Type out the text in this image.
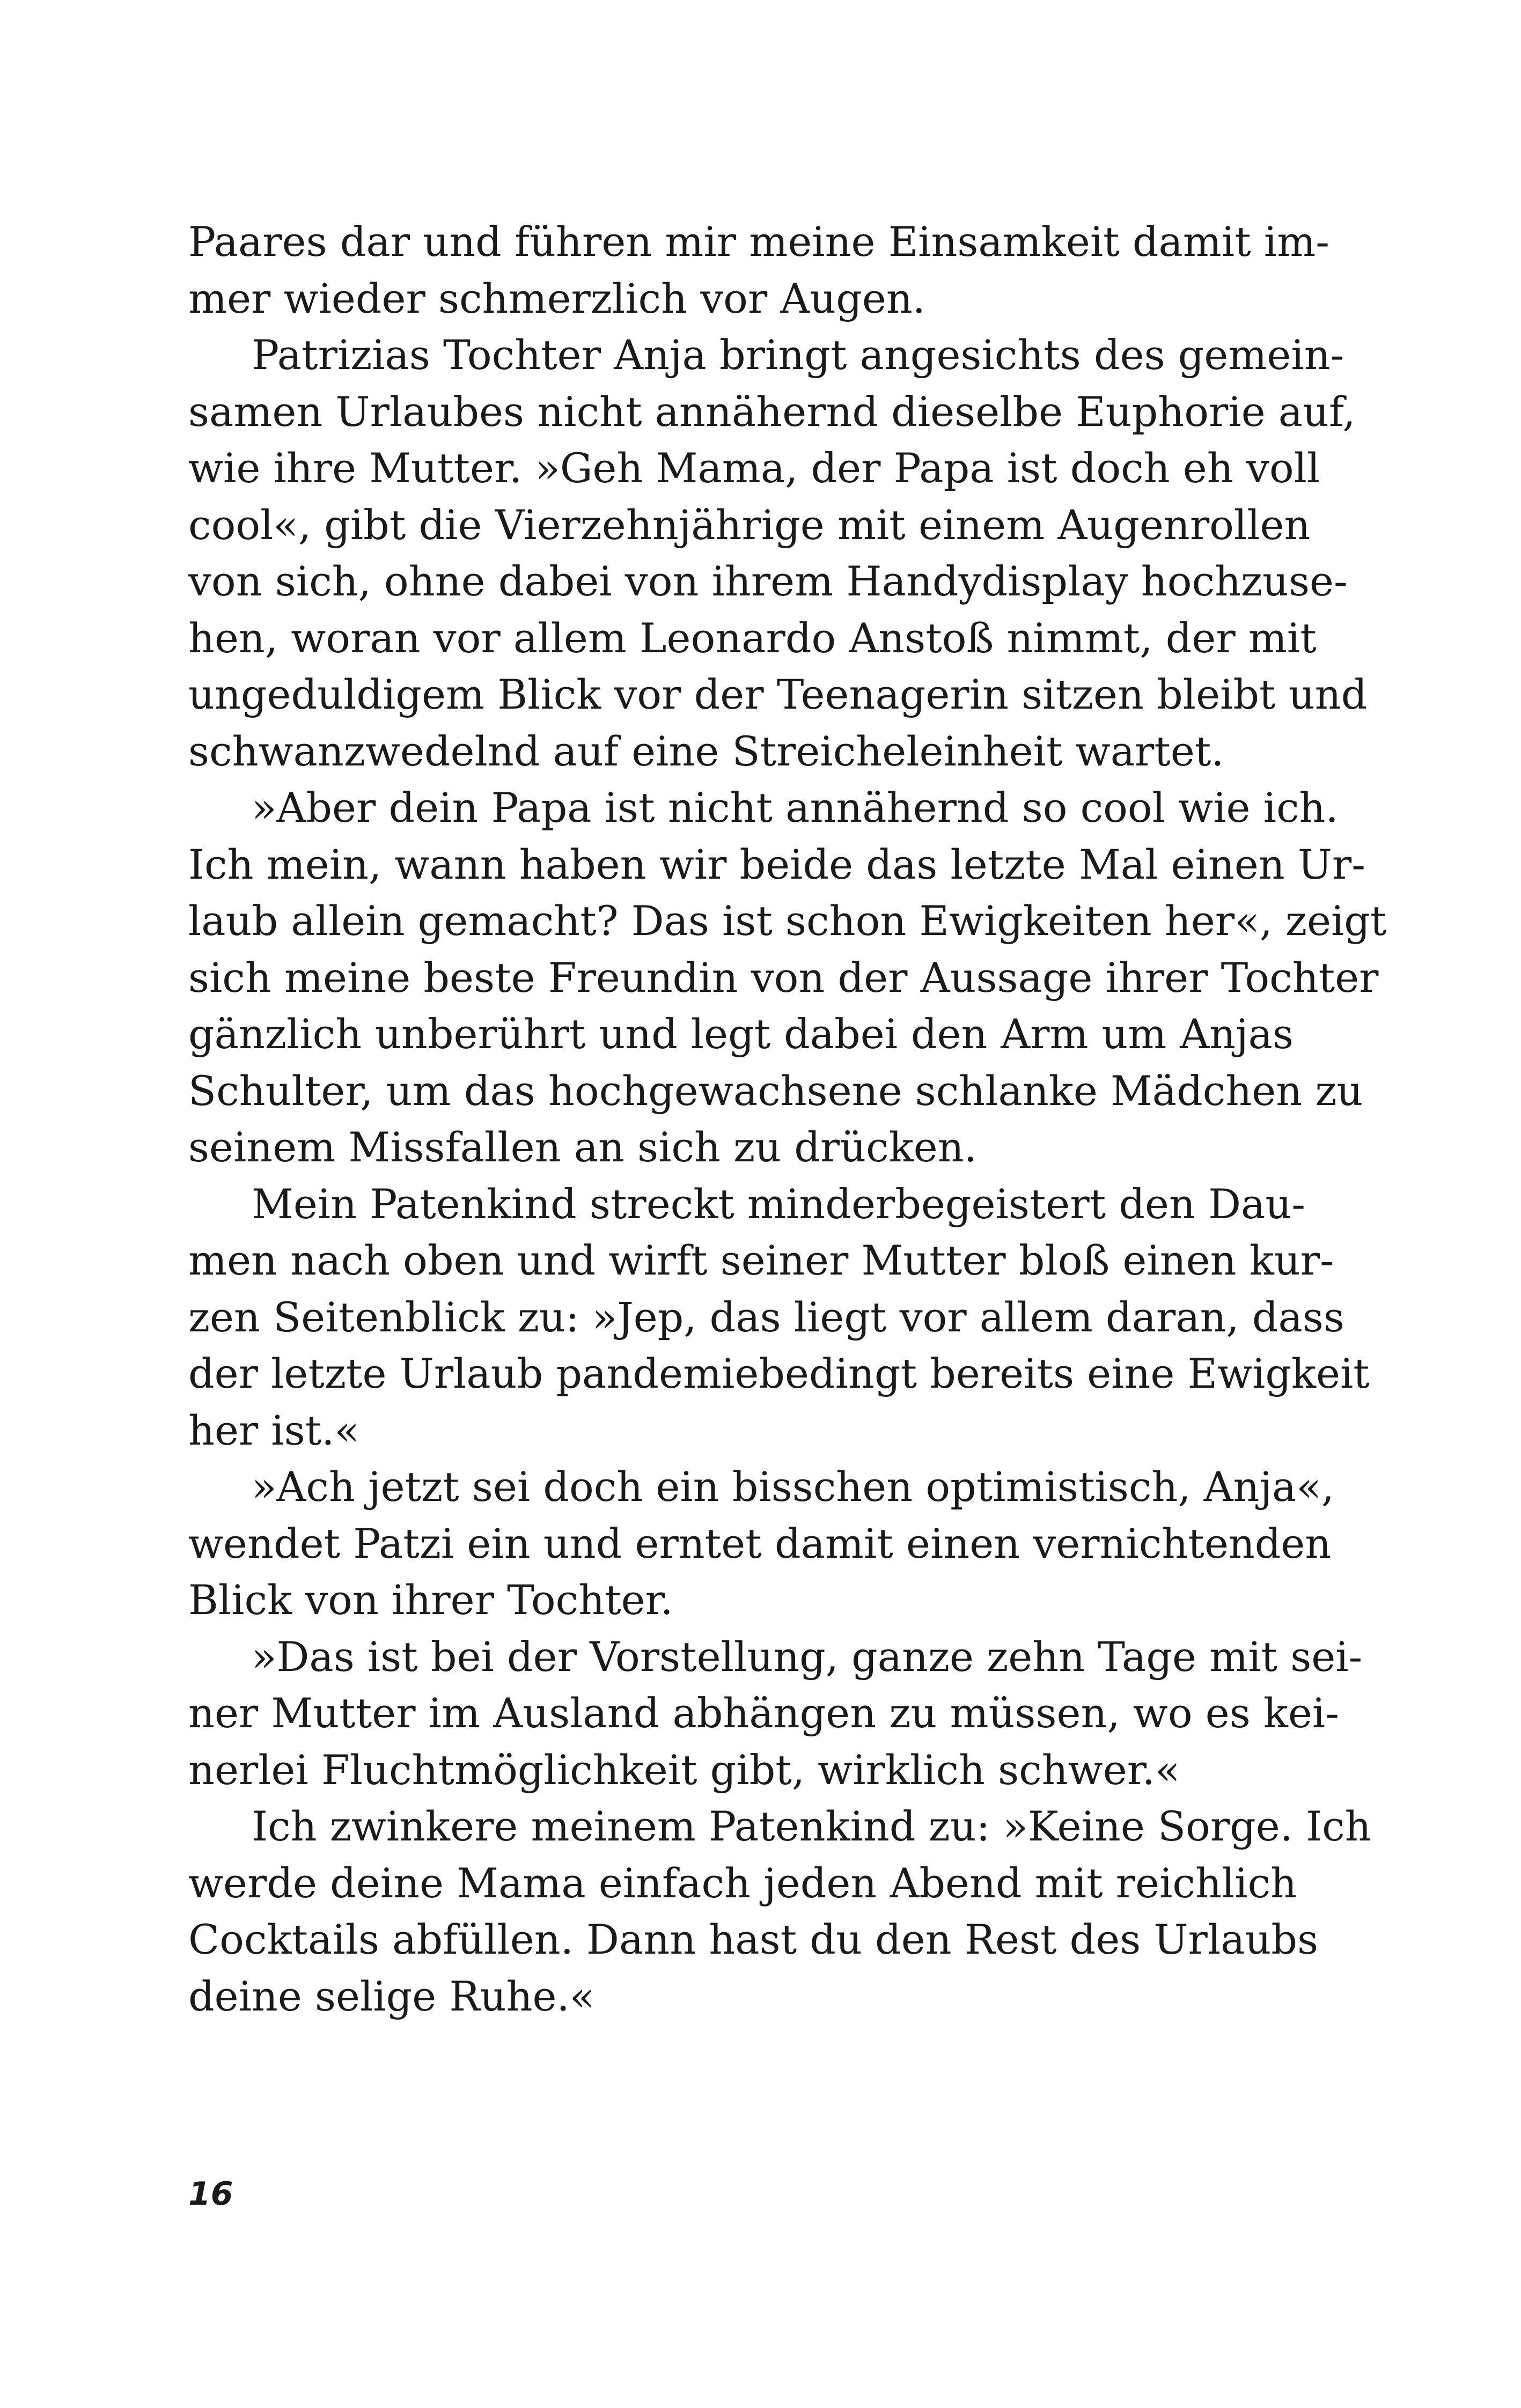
Paares dar und führen mir meine Einsamkeit damit im-
mer wieder schmerzlich vor Augen.
Patrizias Tochter Anja bringt angesichts des gemein-
samen Urlaubes nicht annähernd dieselbe Euphorie auf,
wie ihre Mutter. »Geh Mama, der Papa ist doch eh voll
cool«, gibt die Vierzehnjährige mit einem Augenrollen
von sich, ohne dabei von ihrem Handydisplay hochzuse-
hen, woran vor allem Leonardo Anstoß nimmt, der mit
ungeduldigem Blick vor der Teenagerin sitzen bleibt und
schwanzwedelnd auf eine Streicheleinheit wartet.
»Aber dein Papa ist nicht annähernd so cool wie ich.
Ich mein, wann haben wir beide das letzte Mal einen Ur-
laub allein gemacht? Das ist schon Ewigkeiten her«, zeigt
sich meine beste Freundin von der Aussage ihrer Tochter
gänzlich unberührt und legt dabei den Arm um Anjas
Schulter, um das hochgewachsene schlanke Mädchen zu
seinem Missfallen an sich zu drücken.
Mein Patenkind streckt minderbegeistert den Dau-
men nach oben und wirft seiner Mutter bloß einen kur-
zen Seitenblick zu: »Jep, das liegt vor allem daran, dass
der letzte Urlaub pandemiebedingt bereits eine Ewigkeit
her ist.«
»Ach jetzt sei doch ein bisschen optimistisch, Anja«,
wendet Patzi ein und erntet damit einen vernichtenden
Blick von ihrer Tochter.
»Das ist bei der Vorstellung, ganze zehn Tage mit sei-
ner Mutter im Ausland abhängen zu müssen, wo es kei-
nerlei Fluchtmöglichkeit gibt, wirklich schwer.«
Ich zwinkere meinem Patenkind zu: »Keine Sorge. Ich
werde deine Mama einfach jeden Abend mit reichlich
Cocktails abfüllen. Dann hast du den Rest des Urlaubs
deine selige Ruhe.«
16
